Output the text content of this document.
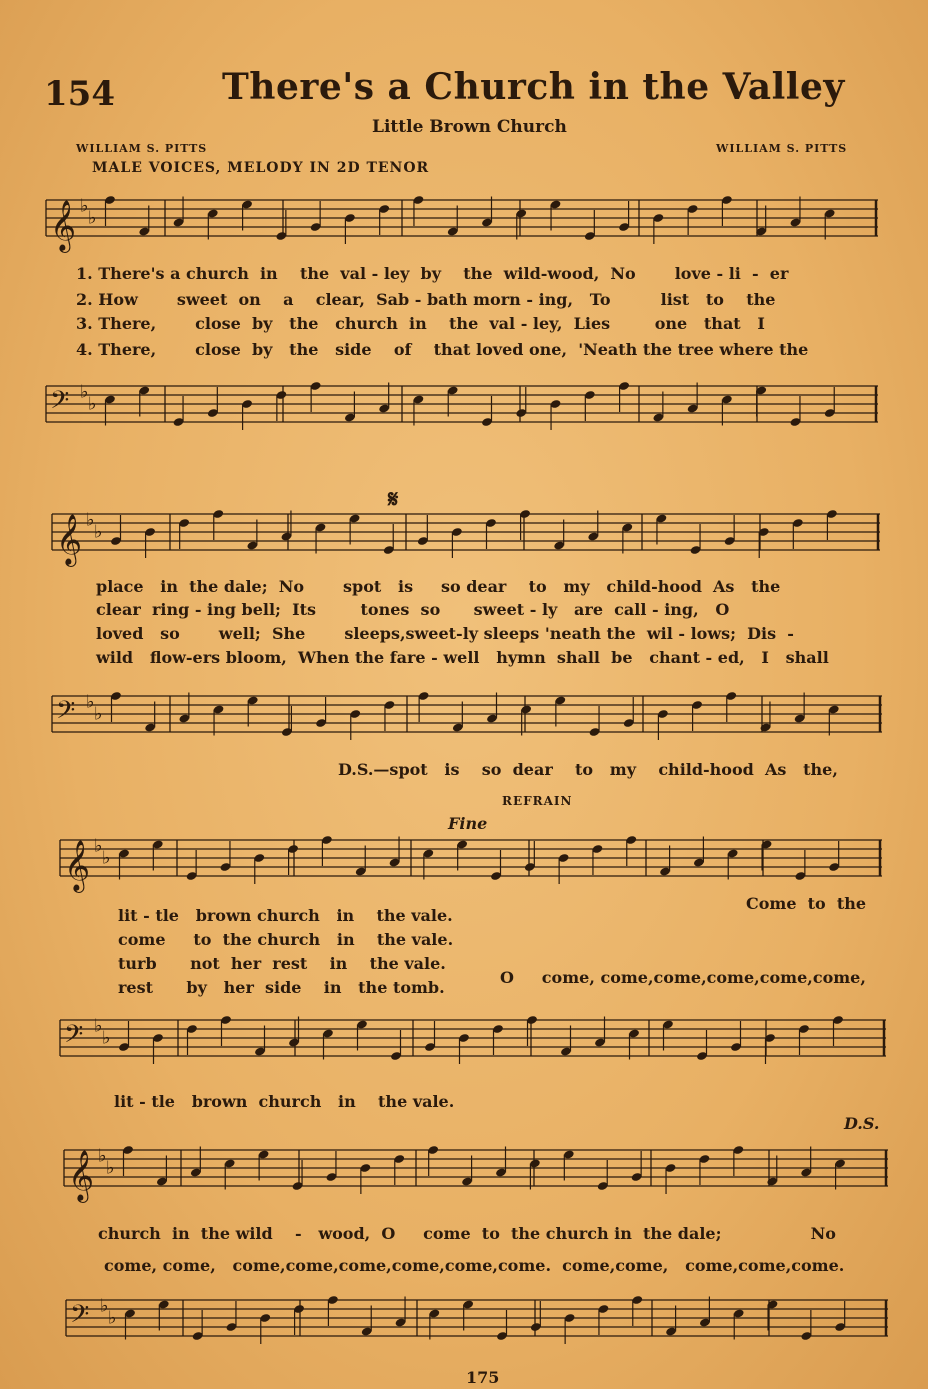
154	There's a Church in the Valley
Little Brown Church
WILLIAM S. PITTS	WILLIAM S. PITTS
MALE VOICES, MELODY IN 2D TENOR
𝄞 ♭
♭
1. There's a church  in    the  val - ley  by    the  wild-wood,  No       love - li  -  er
2. How       sweet  on    a    clear,  Sab - bath morn - ing,   To         list   to    the
3. There,       close  by   the   church  in    the  val - ley,  Lies        one   that   I
4. There,       close  by   the   side    of    that loved one,  'Neath the tree where the
𝄢 ♭
♭
𝄋
𝄞 ♭
♭
place   in  the dale;  No       spot   is     so dear    to   my   child-hood  As   the
clear  ring - ing bell;  Its        tones  so      sweet - ly   are  call - ing,   O
loved   so       well;  She       sleeps,sweet-ly sleeps 'neath the  wil - lows;  Dis  -
wild   flow-ers bloom,  When the fare - well   hymn  shall  be   chant - ed,   I   shall
𝄢 ♭
♭
D.S.—spot   is    so  dear    to   my    child-hood  As   the,
REFRAIN
Fine
𝄞 ♭
♭
lit - tle   brown church   in    the vale.
come     to  the church   in    the vale.
turb      not  her  rest    in    the vale.
rest      by   her  side    in   the tomb.
Come  to  the
O     come, come,come,come,come,come,
𝄢 ♭
♭
lit - tle   brown  church   in    the vale.
D.S.
𝄞 ♭
♭
church  in  the wild    -   wood,  O     come  to  the church in  the dale;                No
come, come,   come,come,come,come,come,come.  come,come,   come,come,come.
𝄢 ♭
♭
175
